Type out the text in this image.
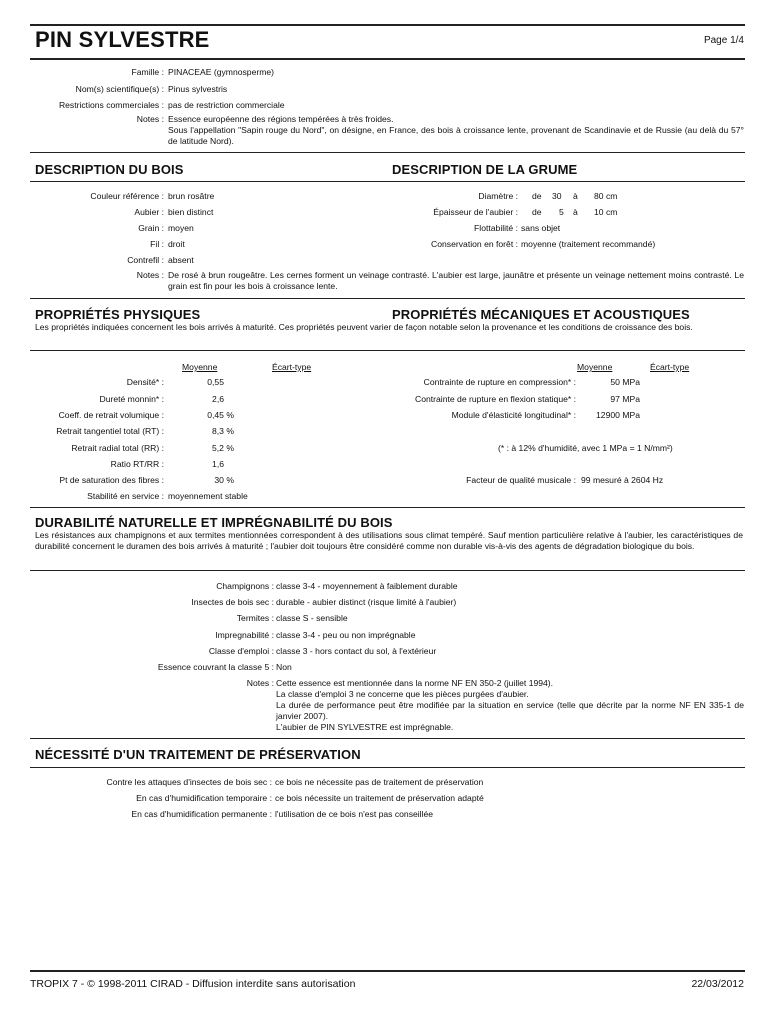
PIN SYLVESTRE	Page 1/4
Famille : PINACEAE (gymnosperme)
Nom(s) scientifique(s) : Pinus sylvestris
Restrictions commerciales : pas de restriction commerciale
Notes : Essence européenne des régions tempérées à très froides.
Sous l'appellation "Sapin rouge du Nord", on désigne, en France, des bois à croissance lente, provenant de Scandinavie et de Russie (au delà du 57° de latitude Nord).
DESCRIPTION DU BOIS	DESCRIPTION DE LA GRUME
Couleur référence : brun rosâtre
Aubier : bien distinct
Grain : moyen
Fil : droit
Contrefil : absent
Notes : De rosé à brun rougeâtre. Les cernes forment un veinage contrasté. L'aubier est large, jaunâtre et présente un veinage nettement moins contrasté. Le grain est fin pour les bois à croissance lente.
Diamètre : de 30 à 80 cm
Épaisseur de l'aubier : de 5 à 10 cm
Flottabilité : sans objet
Conservation en forêt : moyenne (traitement recommandé)
PROPRIÉTÉS PHYSIQUES	PROPRIÉTÉS MÉCANIQUES ET ACOUSTIQUES
Les propriétés indiquées concernent les bois arrivés à maturité. Ces propriétés peuvent varier de façon notable selon la provenance et les conditions de croissance des bois.
Moyenne	Écart-type	Moyenne	Écart-type
Densité* :	0,55
Dureté monnin* :	2,6
Coeff. de retrait volumique :	0,45 %
Retrait tangentiel total (RT) :	8,3 %
Retrait radial total (RR) :	5,2 %
Ratio RT/RR :	1,6
Pt de saturation des fibres :	30 %
Stabilité en service : moyennement stable
Contrainte de rupture en compression* :	50 MPa
Contrainte de rupture en flexion statique* :	97 MPa
Module d'élasticité longitudinal* : 12900 MPa
(* : à 12% d'humidité, avec 1 MPa = 1 N/mm²)
Facteur de qualité musicale : 99 mesuré à 2604 Hz
DURABILITÉ NATURELLE ET IMPRÉGNABILITÉ DU BOIS
Les résistances aux champignons et aux termites mentionnées correspondent à des utilisations sous climat tempéré. Sauf mention particulière relative à l'aubier, les caractéristiques de durabilité concernent le duramen des bois arrivés à maturité ; l'aubier doit toujours être considéré comme non durable vis-à-vis des agents de dégradation biologique du bois.
Champignons : classe 3-4 - moyennement à faiblement durable
Insectes de bois sec : durable - aubier distinct (risque limité à l'aubier)
Termites : classe S - sensible
Impregnabilité : classe 3-4 - peu ou non imprégnable
Classe d'emploi : classe 3 - hors contact du sol, à l'extérieur
Essence couvrant la classe 5 : Non
Notes : Cette essence est mentionnée dans la norme NF EN 350-2 (juillet 1994).
La classe d'emploi 3 ne concerne que les pièces purgées d'aubier.
La durée de performance peut être modifiée par la situation en service (telle que décrite par la norme NF EN 335-1 de janvier 2007).
L'aubier de PIN SYLVESTRE est imprégnable.
NÉCESSITÉ D'UN TRAITEMENT DE PRÉSERVATION
Contre les attaques d'insectes de bois sec : ce bois ne nécessite pas de traitement de préservation
En cas d'humidification temporaire : ce bois nécessite un traitement de préservation adapté
En cas d'humidification permanente : l'utilisation de ce bois n'est pas conseillée
TROPIX 7 - © 1998-2011 CIRAD - Diffusion interdite sans autorisation	22/03/2012
